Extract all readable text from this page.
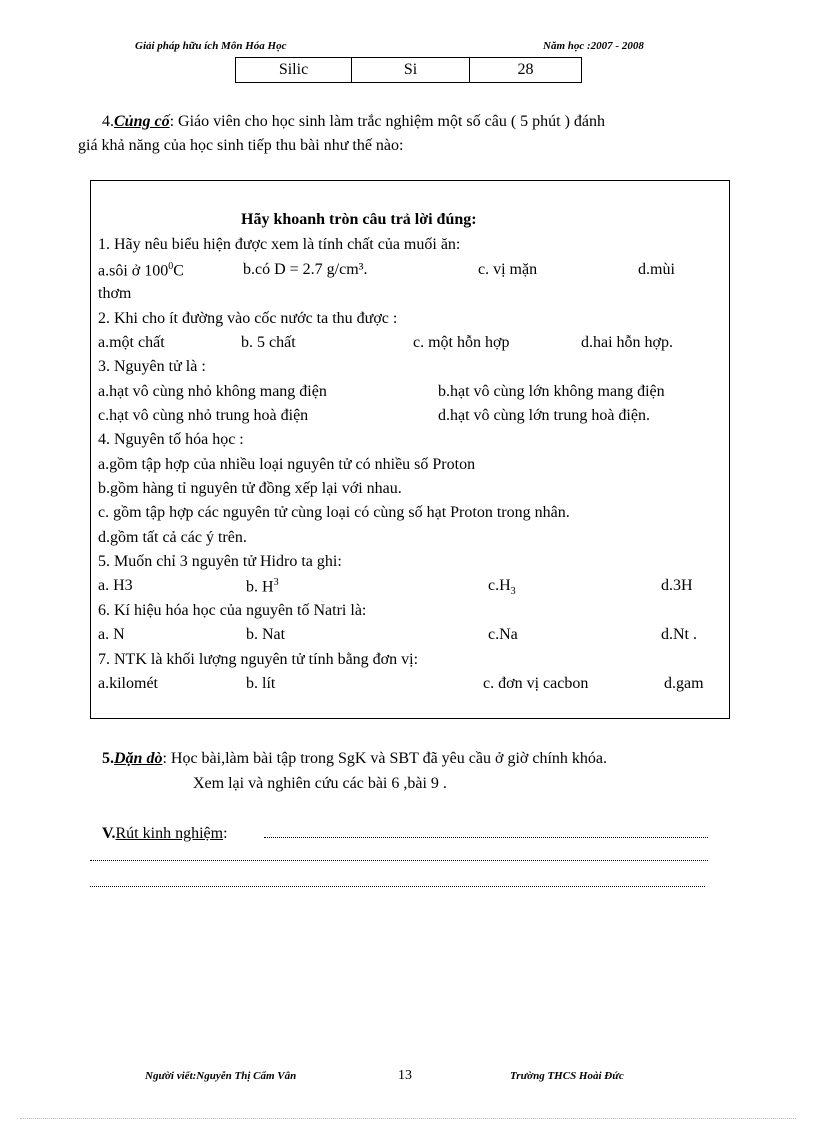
Giải pháp hữu ích Môn Hóa Học	Năm học :2007 - 2008
Silic	Si	28
4.Củng cố: Giáo viên cho học sinh làm trắc nghiệm một số câu ( 5 phút ) đánh
giá khả năng của học sinh tiếp thu bài như thế nào:
Hãy khoanh tròn câu trả lời đúng:
1. Hãy nêu biểu hiện được xem là tính chất của muối ăn:
a.sôi ở $100^0C$	b.có D = 2.7 g/cm³.	c. vị mặn	d.mùi
thơm
2. Khi cho ít đường vào cốc nước ta thu được :
a.một chất	b. 5 chất	c. một hỗn hợp	d.hai hỗn hợp.
3. Nguyên tử là :
a.hạt vô cùng nhỏ không mang điện	b.hạt vô cùng lớn không mang điện
c.hạt vô cùng nhỏ trung hoà điện	d.hạt vô cùng lớn trung hoà điện.
4. Nguyên tố hóa học :
a.gồm tập hợp của nhiều loại nguyên tử có nhiều số Proton
b.gồm hàng tỉ nguyên tử đồng xếp lại với nhau.
c. gồm tập hợp các nguyên tử cùng loại có cùng số hạt Proton trong nhân.
d.gồm tất cả các ý trên.
5. Muốn chỉ 3 nguyên tử Hidro ta ghi:
a. H3	b. $H^3$	$c.H_3$	d.3H
6. Kí hiệu hóa học của nguyên tố Natri là:
a. N	b. Nat	c.Na	d.Nt .
7. NTK là khối lượng nguyên tử tính bằng đơn vị:
a.kilomét	b. lít	c. đơn vị cacbon	d.gam
5.Dặn dò: Học bài,làm bài tập trong SgK và SBT đã yêu cầu ở giờ chính khóa.
Xem lại và nghiên cứu các bài 6 ,bài 9 .
V.Rút kinh nghiệm:
Người viết:Nguyễn Thị Cẩm Vân	13	Trường THCS Hoài Đức
